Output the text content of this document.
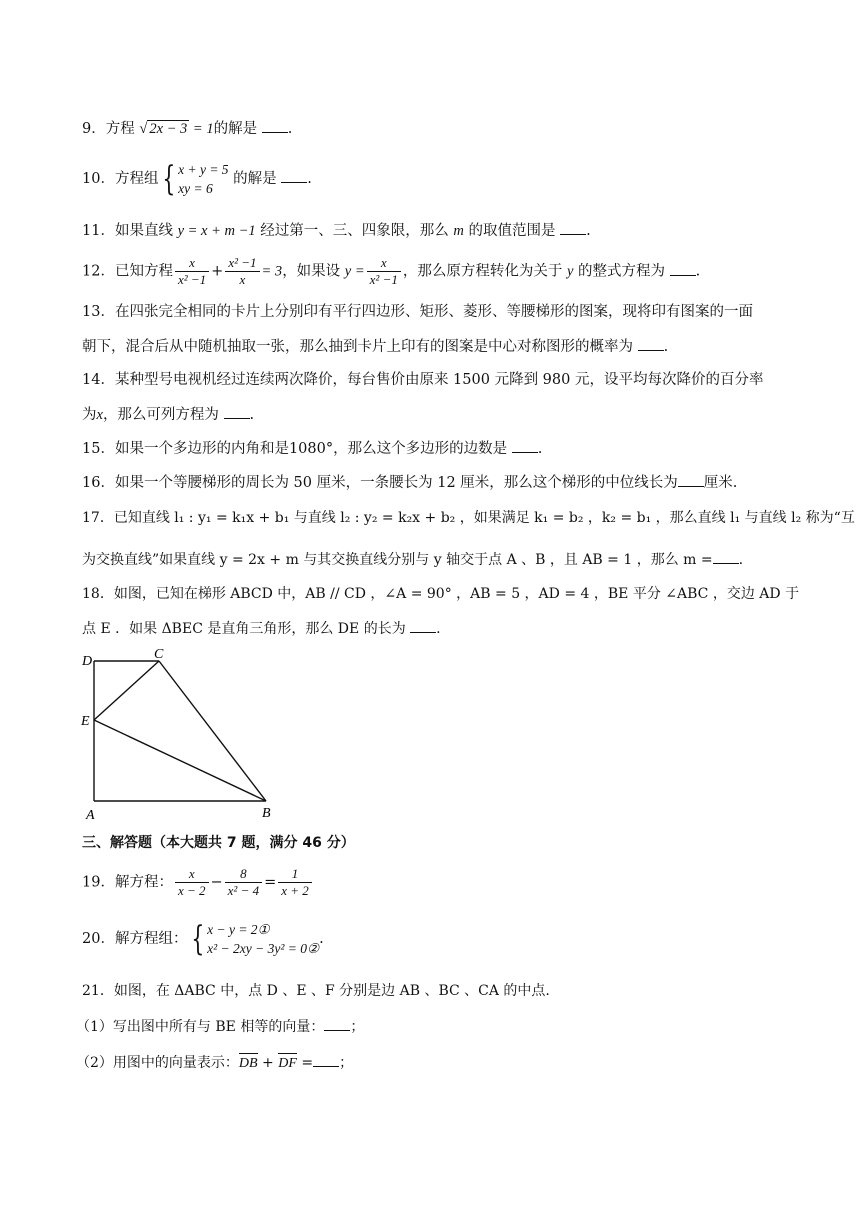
9．方程 √ 2x − 3 = 1的解是 .
10．方程组 { x + y = 5
xy = 6 的解是 .
11．如果直线 y = x + m −1 经过第一、三、四象限，那么 m 的取值范围是 .
12．已知方程 $\frac{x}{\text{x² −1}} + \frac{\text{x² −1}}{x} = 3$，如果设 $y = \frac{x}{\text{x² −1}}$ ，那么原方程转化为关于 y 的整式方程为 .
13．在四张完全相同的卡片上分别印有平行四边形、矩形、菱形、等腰梯形的图案，现将印有图案的一面
朝下，混合后从中随机抽取一张，那么抽到卡片上印有的图案是中心对称图形的概率为 .
14．某种型号电视机经过连续两次降价，每台售价由原来 1500 元降到 980 元，设平均每次降价的百分率
为x，那么可列方程为 .
15．如果一个多边形的内角和是1080°，那么这个多边形的边数是 .
16．如果一个等腰梯形的周长为 50 厘米，一条腰长为 12 厘米，那么这个梯形的中位线长为 厘米.
17．已知直线 l₁ : y₁ = k₁x + b₁ 与直线 l₂ : y₂ = k₂x + b₂ ，如果满足 k₁ = b₂ ，k₂ = b₁ ，那么直线 l₁ 与直线 l₂ 称为“互
为交换直线”如果直线 y = 2x + m 与其交换直线分别与 y 轴交于点 A 、B ，且 AB = 1 ，那么 m = .
18．如图，已知在梯形 ABCD 中，AB // CD ，∠A = 90° ，AB = 5 ，AD = 4 ，BE 平分 ∠ABC ，交边 AD 于
点 E ．如果 ΔBEC 是直角三角形，那么 DE 的长为 .
D	C
E
A	B
三、解答题（本大题共 7 题，满分 46 分）
19．解方程： $\frac{x}{x - 2} - \frac{8}{\text{x² − 4}} = \frac{1}{x + 2}$
20．解方程组： { x − y = 2①
x² − 2xy − 3y² = 0②.
21．如图，在 ΔABC 中，点 D 、E 、F 分别是边 AB 、BC 、CA 的中点.
（1）写出图中所有与 BE 相等的向量： ；
（2）用图中的向量表示：DB + DF = ；
